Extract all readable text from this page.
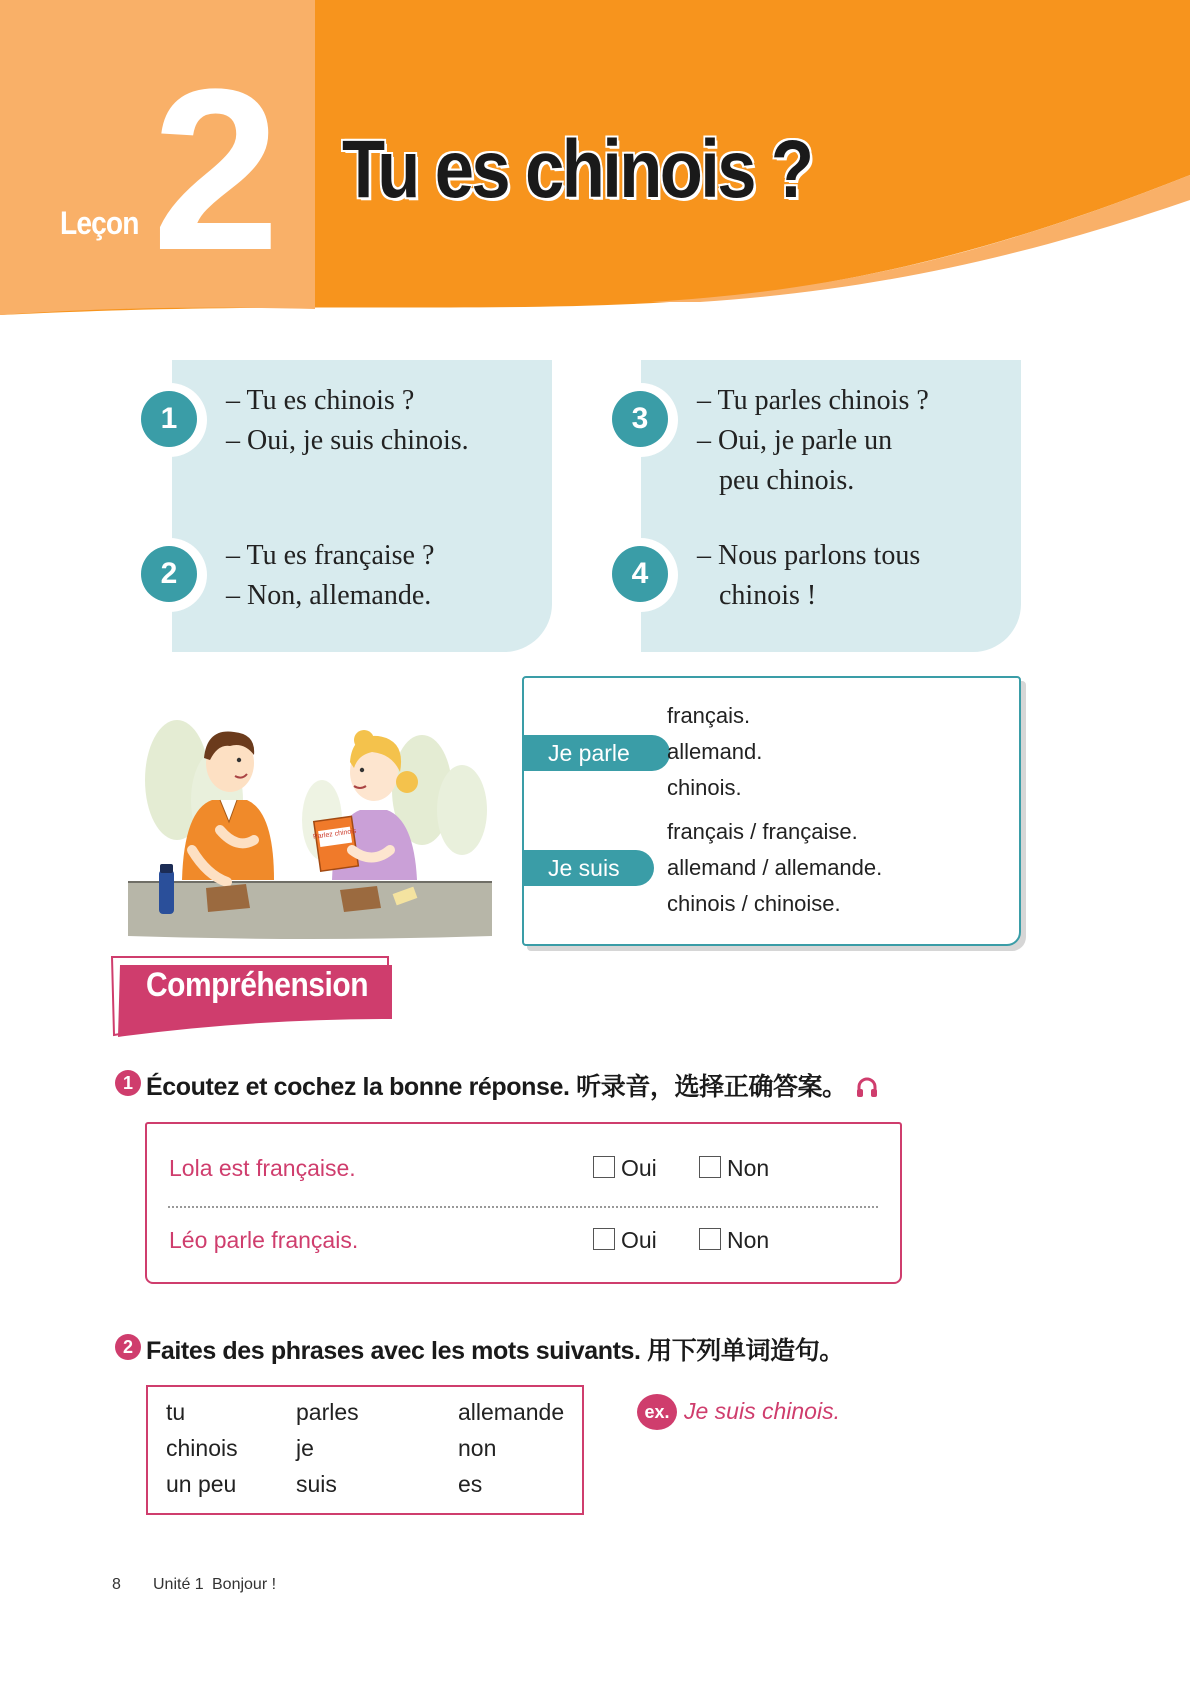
Leçon 2 Tu es chinois ?
1
2
3
4
– Tu es chinois ?
– Oui, je suis chinois.
– Tu es française ?
– Non, allemande.
– Tu parles chinois ?
– Oui, je parle un
peu chinois.
– Nous parlons tous
chinois !
Parlez chinois
Je parle
français.
allemand.
chinois.
Je suis
français / française.
allemand / allemande.
chinois / chinoise.
Compréhension
1 Écoutez et cochez la bonne réponse. 听录音，选择正确答案。
Lola est française.	Oui	Non
Léo parle français.	Oui	Non
2 Faites des phrases avec les mots suivants. 用下列单词造句。
tu	parles	allemande
chinois	je	non
un peu	suis	es
ex. Je suis chinois.
8 Unité 1 Bonjour !
